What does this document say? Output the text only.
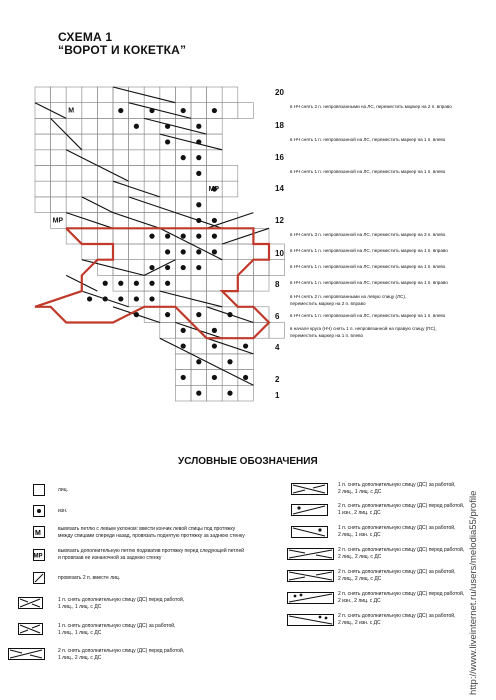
СХЕМА 1
“ВОРОТ И КОКЕТКА”
M
MP
MP
20
18
16
14
12
10
8
6
4
2
1
в НЧ снять 2 п. непровязанными на ЛС, переместить маркер на 2 п. вправо
в НЧ снять 1 п. непровязанной на ЛС, переместить маркер на 1 п. влево
в НЧ снять 1 п. непровязанной на ЛС, переместить маркер на 1 п. влево
в НЧ снять 3 п. непровязанной на ЛС, переместить маркер на 3 п. влево
в НЧ снять 1 п. непровязанной на ЛС, переместить маркер на 1 п. вправо
в НЧ снять 1 п. непровязанной на ЛС, переместить маркер на 1 п. влево
в НЧ снять 1 п. непровязанной на ЛС, переместить маркер на 1 п. вправо
в НЧ снять 2 п. непровязанными на левую спицу (ЛС),
переместить маркер на 2 п. вправо
в НЧ снять 1 п. непровязанной на ЛС, переместить маркер на 1 п. влево
в начале круга (НЧ) снять 1 п. непровязанной на правую спицу (ПС),
переместить маркер на 1 п. влево
УСЛОВНЫЕ ОБОЗНАЧЕНИЯ
лиц.
изн.
M
вывязать петлю с левым уклоном: ввести кончик левой спицы под протяжку
между спицами спереди назад, провязать поднятую протяжку за заднюю стенку
MP
вывязать дополнительную петлю подхватив протяжку перед следующей петлей
и провязав ее изнаночной за заднюю стенку
провязать 2 п. вместе лиц.
1 п. снять дополнительную спицу (ДС) перед работой,
1 лиц., 1 лиц. с ДС
1 п. снять дополнительную спицу (ДС) за работой,
1 лиц., 1 лиц. с ДС
2 п. снять дополнительную спицу (ДС) перед работой,
1 лиц., 2 лиц. с ДС
1 п. снять дополнительную спицу (ДС) за работой,
2 лиц., 1 лиц. с ДС
2 п. снять дополнительную спицу (ДС) перед работой,
1 изн., 2 лиц. с ДС
1 п. снять дополнительную спицу (ДС) за работой,
2 лиц., 1 изн. с ДС
2 п. снять дополнительную спицу (ДС) перед работой,
2 лиц., 2 лиц. с ДС
2 п. снять дополнительную спицу (ДС) за работой,
2 лиц., 2 лиц. с ДС
2 п. снять дополнительную спицу (ДС) перед работой,
2 изн., 2 лиц. с ДС
2 п. снять дополнительную спицу (ДС) за работой,
2 лиц., 2 изн. с ДС	http://www.liveinternet.ru/users/melodia55/profile
